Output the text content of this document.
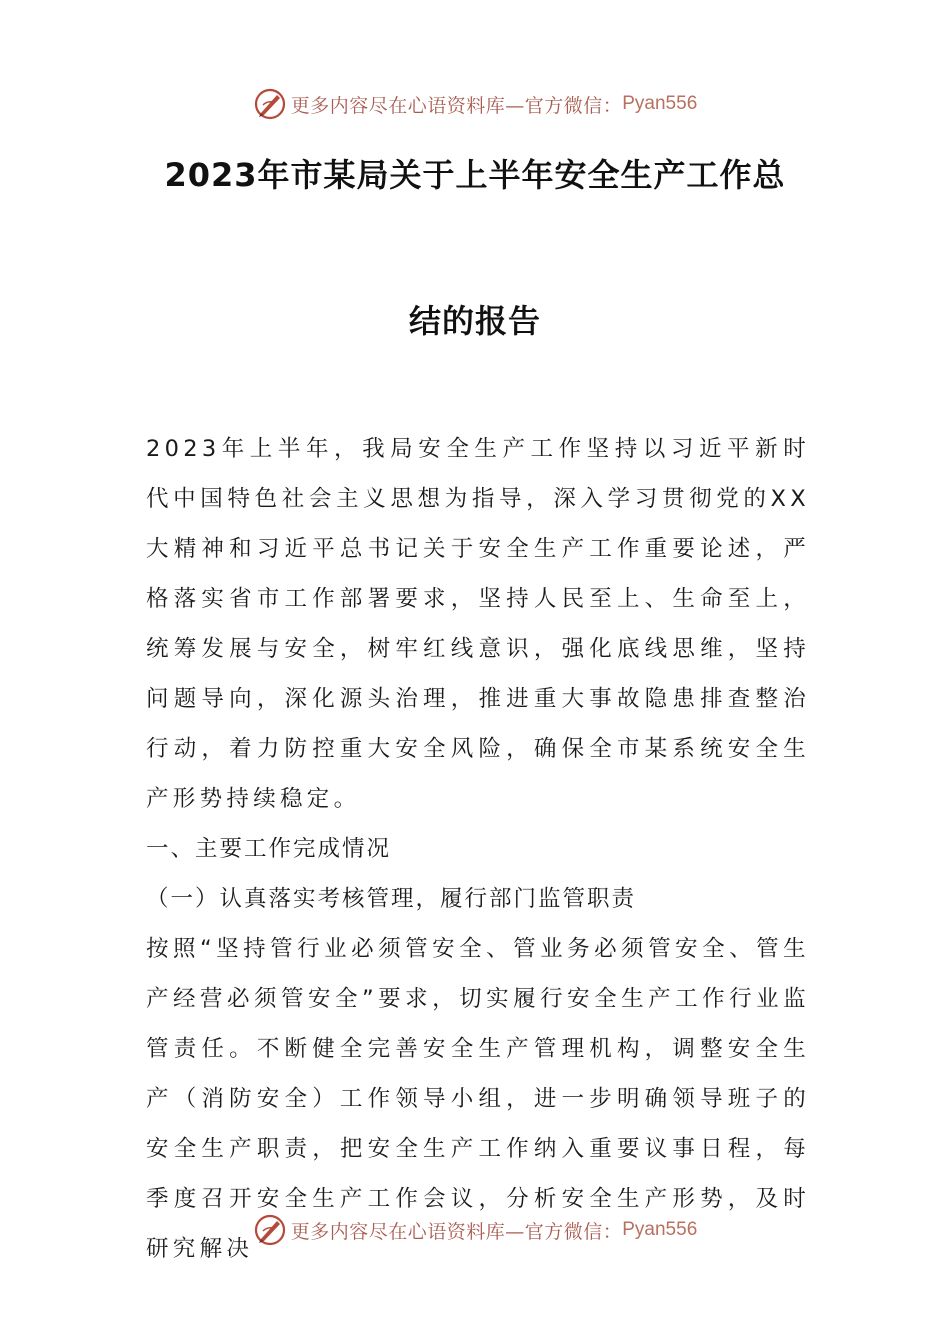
更多内容尽在心语资料库—官方微信： Pyan556
2023年市某局关于上半年安全生产工作总
结的报告

2023年上半年，我局安全生产工作坚持以习近平新时代中国特色社会主义思想为指导，深入学习贯彻党的XX大精神和习近平总书记关于安全生产工作重要论述，严格落实省市工作部署要求，坚持人民至上、生命至上，统筹发展与安全，树牢红线意识，强化底线思维，坚持问题导向，深化源头治理，推进重大事故隐患排查整治行动，着力防控重大安全风险，确保全市某系统安全生产形势持续稳定。

一、主要工作完成情况

（一）认真落实考核管理，履行部门监管职责

按照“坚持管行业必须管安全、管业务必须管安全、管生产经营必须管安全”要求，切实履行安全生产工作行业监管责任。不断健全完善安全生产管理机构，调整安全生产（消防安全）工作领导小组，进一步明确领导班子的安全生产职责，把安全生产工作纳入重要议事日程，每季度召开安全生产工作会议，分析安全生产形势，及时研究解决

更多内容尽在心语资料库—官方微信： Pyan556
